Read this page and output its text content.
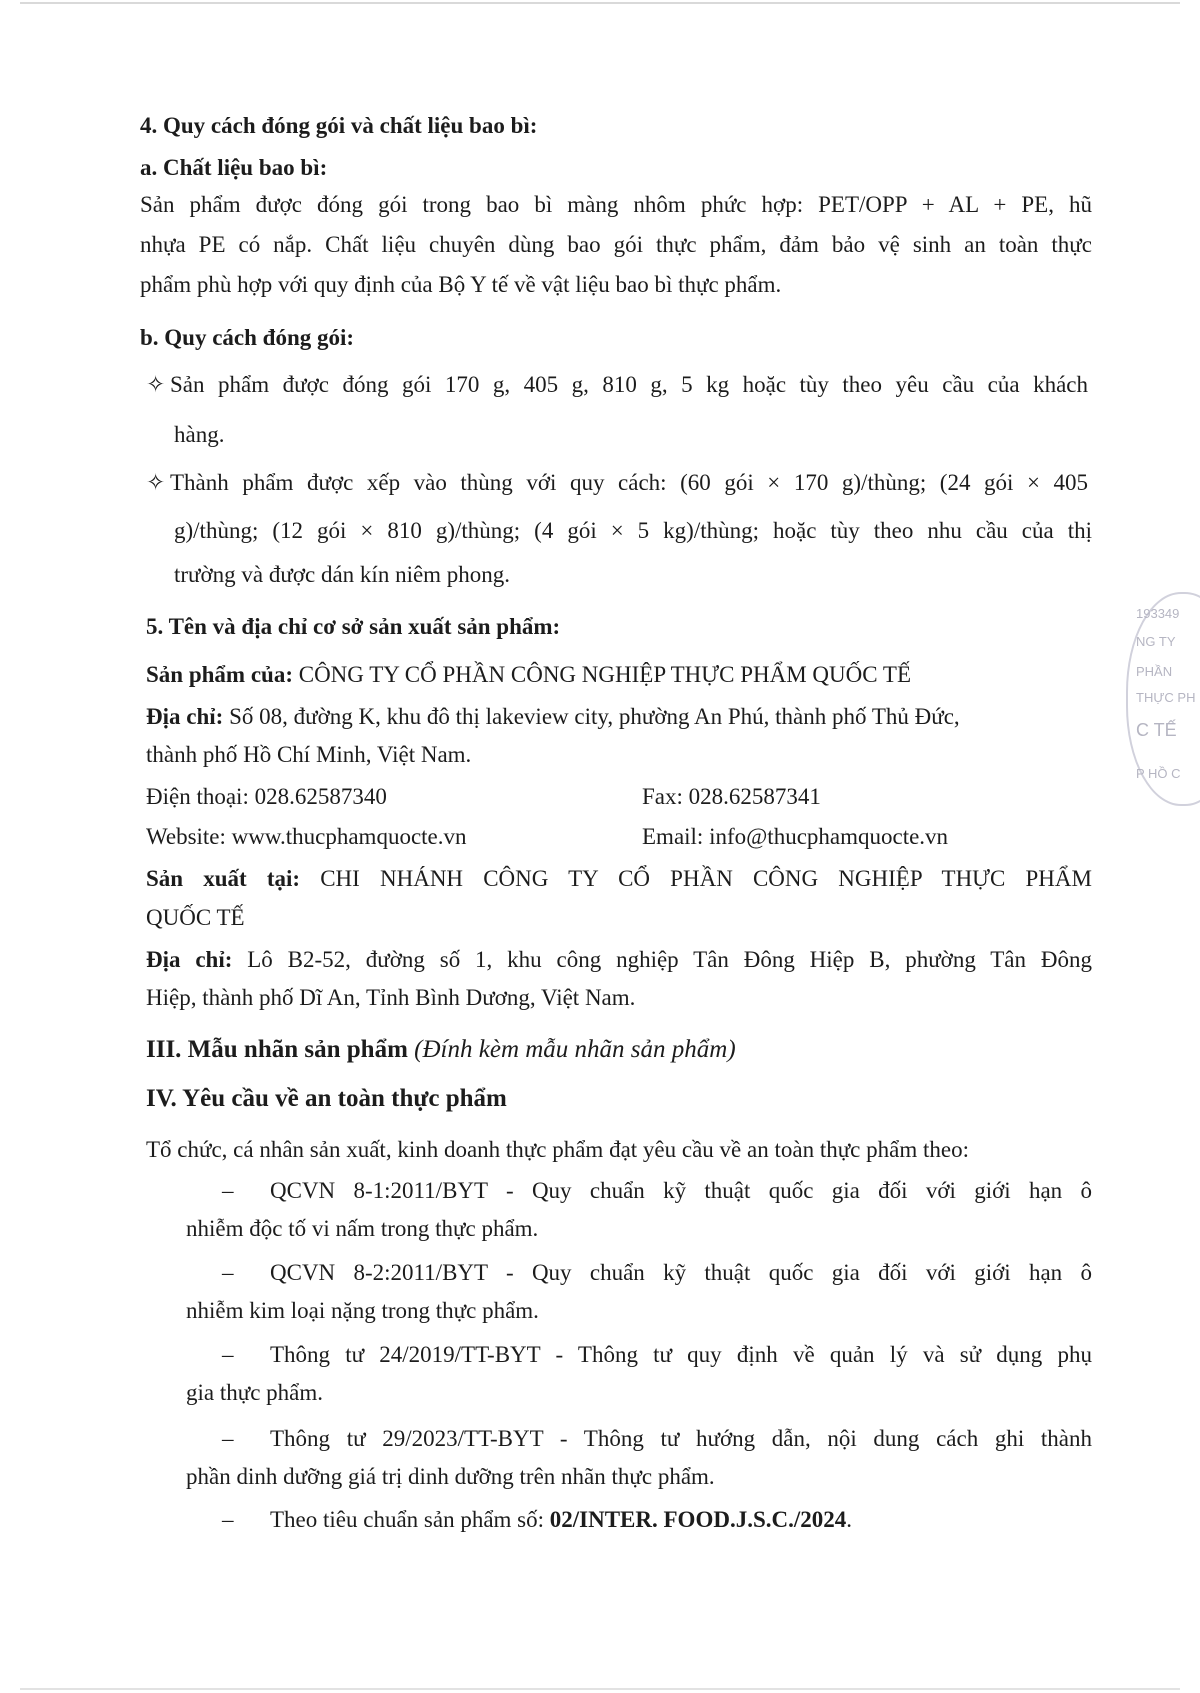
4. Quy cách đóng gói và chất liệu bao bì:
a. Chất liệu bao bì:
Sản phẩm được đóng gói trong bao bì màng nhôm phức hợp: PET/OPP + AL + PE, hũ
nhựa PE có nắp. Chất liệu chuyên dùng bao gói thực phẩm, đảm bảo vệ sinh an toàn thực
phẩm phù hợp với quy định của Bộ Y tế về vật liệu bao bì thực phẩm.
b. Quy cách đóng gói:
✧ Sản phẩm được đóng gói 170 g, 405 g, 810 g, 5 kg hoặc tùy theo yêu cầu của khách
hàng.
✧ Thành phẩm được xếp vào thùng với quy cách: (60 gói × 170 g)/thùng; (24 gói × 405
g)/thùng; (12 gói × 810 g)/thùng; (4 gói × 5 kg)/thùng; hoặc tùy theo nhu cầu của thị
trường và được dán kín niêm phong.
5. Tên và địa chỉ cơ sở sản xuất sản phẩm:
Sản phẩm của: CÔNG TY CỔ PHẦN CÔNG NGHIỆP THỰC PHẨM QUỐC TẾ
Địa chỉ: Số 08, đường K, khu đô thị lakeview city, phường An Phú, thành phố Thủ Đức,
thành phố Hồ Chí Minh, Việt Nam.
Điện thoại: 028.62587340	Fax: 028.62587341
Website: www.thucphamquocte.vn	Email: info@thucphamquocte.vn
Sản xuất tại: CHI NHÁNH CÔNG TY CỔ PHẦN CÔNG NGHIỆP THỰC PHẨM
QUỐC TẾ
Địa chỉ: Lô B2-52, đường số 1, khu công nghiệp Tân Đông Hiệp B, phường Tân Đông
Hiệp, thành phố Dĩ An, Tỉnh Bình Dương, Việt Nam.
III. Mẫu nhãn sản phẩm (Đính kèm mẫu nhãn sản phẩm)
IV. Yêu cầu về an toàn thực phẩm
Tổ chức, cá nhân sản xuất, kinh doanh thực phẩm đạt yêu cầu về an toàn thực phẩm theo:
– QCVN 8-1:2011/BYT - Quy chuẩn kỹ thuật quốc gia đối với giới hạn ô
nhiễm độc tố vi nấm trong thực phẩm.
– QCVN 8-2:2011/BYT - Quy chuẩn kỹ thuật quốc gia đối với giới hạn ô
nhiễm kim loại nặng trong thực phẩm.
– Thông tư 24/2019/TT-BYT - Thông tư quy định về quản lý và sử dụng phụ
gia thực phẩm.
– Thông tư 29/2023/TT-BYT - Thông tư hướng dẫn, nội dung cách ghi thành
phần dinh dưỡng giá trị dinh dưỡng trên nhãn thực phẩm.
– Theo tiêu chuẩn sản phẩm số: 02/INTER. FOOD.J.S.C./2024.
193349
NG TY
PHẦN
THỰC PH
C TẾ
P HỒ C
